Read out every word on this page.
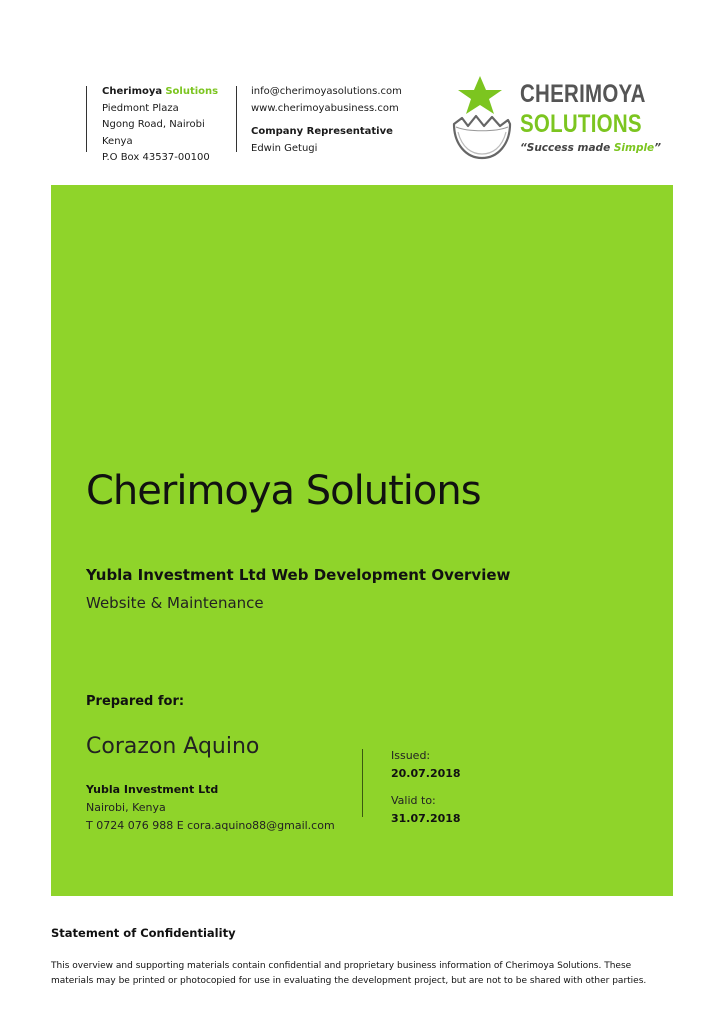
Cherimoya Solutions
Piedmont Plaza
Ngong Road, Nairobi
Kenya
P.O Box 43537-00100
info@cherimoyasolutions.com
www.cherimoyabusiness.com
Company Representative
Edwin Getugi
CHERIMOYA
SOLUTIONS
“Success made Simple”
Cherimoya Solutions
Yubla Investment Ltd Web Development Overview
Website & Maintenance
Prepared for:
Corazon Aquino
Yubla Investment Ltd
Nairobi, Kenya
T 0724 076 988 E cora.aquino88@gmail.com
Issued:
20.07.2018
Valid to:
31.07.2018
Statement of Confidentiality
This overview and supporting materials contain confidential and proprietary business information of Cherimoya Solutions. These materials may be printed or photocopied for use in evaluating the development project, but are not to be shared with other parties.
